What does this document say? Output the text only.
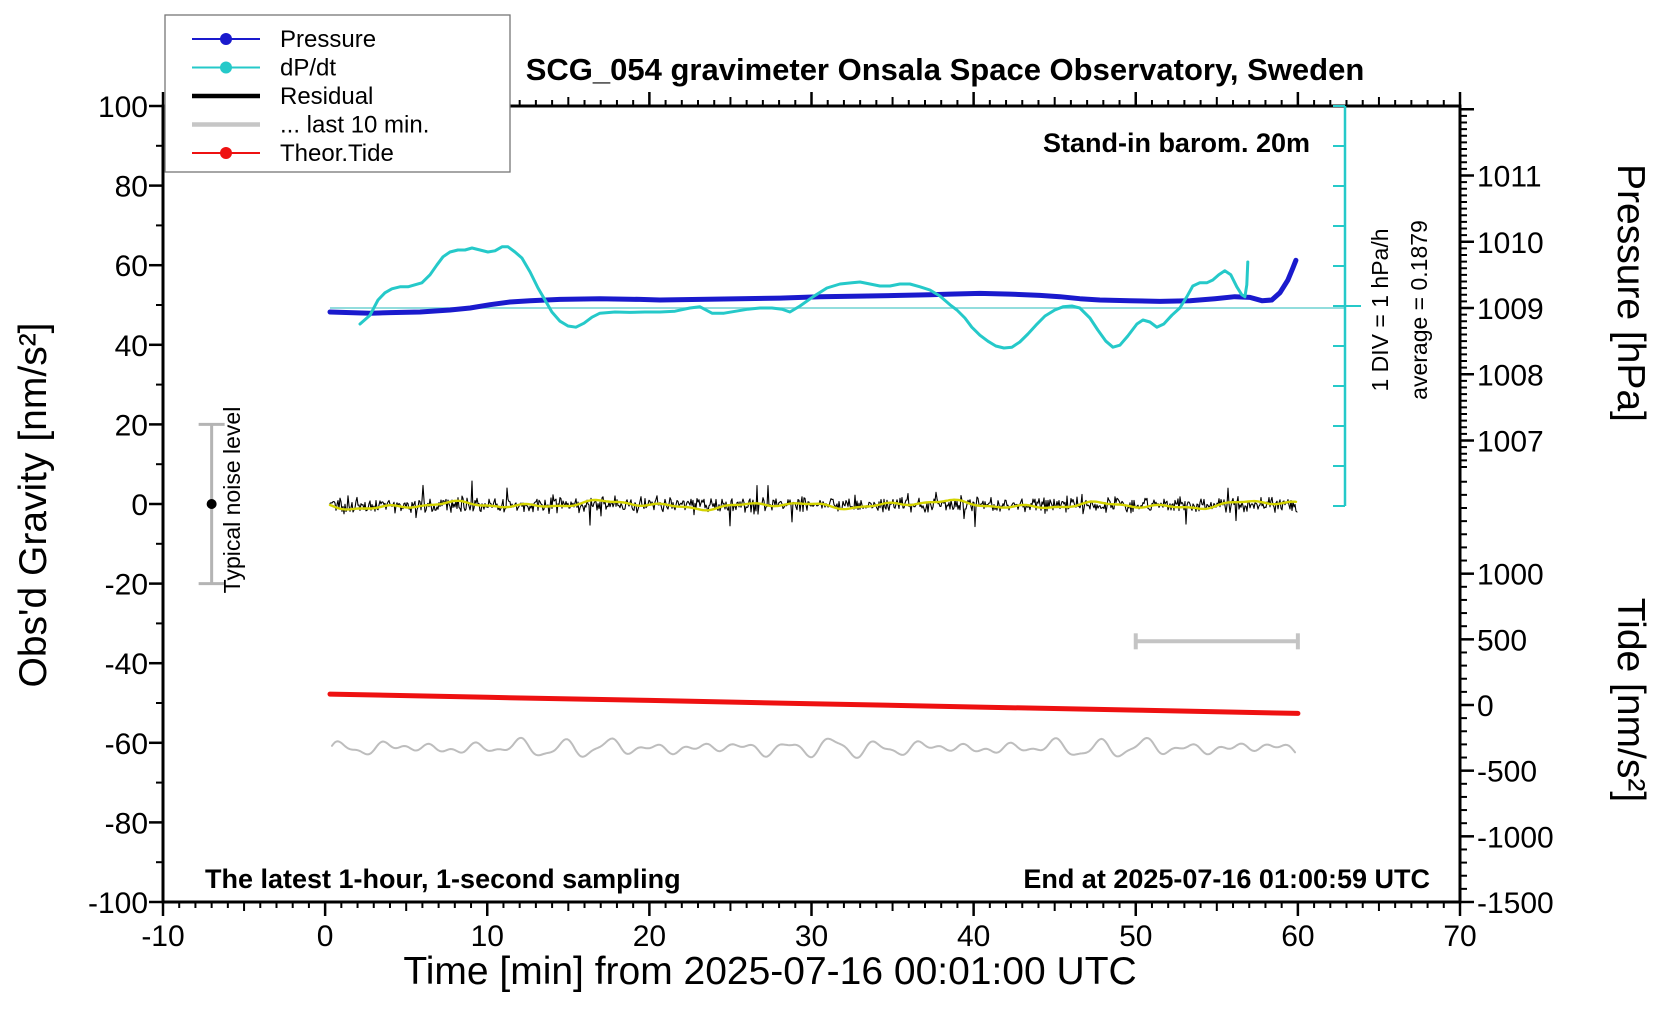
-10	0	10	20	30	40	50	60	70
100
80
60
40
20
0
-20
-40
-60
-80
-100
1011
1010
1009
1008
1007
1000
500
0
-500
-1000
-1500
SCG_054 gravimeter Onsala Space Observatory, Sweden
Stand-in barom. 20m
The latest 1-hour, 1-second sampling	End at 2025-07-16 01:00:59 UTC
Time [min] from 2025-07-16 00:01:00 UTC
Obs'd Gravity [nm/s²]
Pressure [hPa]
Tide [nm/s²]
1 DIV = 1 hPa/h average = 0.1879
Typical noise level
Pressure
dP/dt
Residual
... last 10 min.
Theor.Tide
